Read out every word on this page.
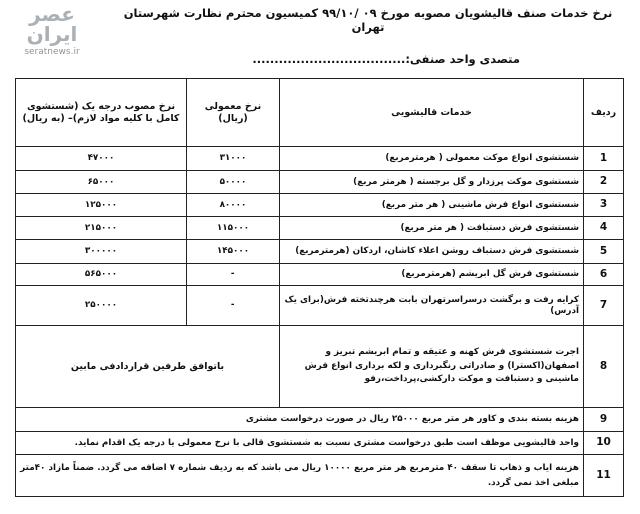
عصر ایران
seratnews.ir
نرخ خدمات صنف قالیشویان مصوبه مورخ ۰۹ /۹۹/۱۰ کمیسیون محترم نظارت شهرستان تهران
متصدی واحد صنفی:...................................
ردیف	خدمات قالیشویی	نرخ معمولی (ریال)	نرخ مصوب درجه یک (شستشوی کامل با کلیه مواد لازم)– (به ریال)
1	شستشوی انواع موکت معمولی ( هرمترمربع)	۳۱۰۰۰	۴۷۰۰۰
2	شستشوی موکت پرزدار و گل برجسته ( هرمتر مربع)	۵۰۰۰۰	۶۵۰۰۰
3	شستشوی انواع فرش ماشینی ( هر متر مربع)	۸۰۰۰۰	۱۲۵۰۰۰
4	شستشوی فرش دستبافت ( هر متر مربع)	۱۱۵۰۰۰	۲۱۵۰۰۰
5	شستشوی فرش دستباف روشن اعلاء کاشان، اردکان (هرمترمربع)	۱۴۵۰۰۰	۳۰۰۰۰۰
6	شستشوی فرش گل ابریشم (هرمترمربع)	-	۵۶۵۰۰۰
7	کرایه رفت و برگشت درسراسرتهران بابت هرچندتخته فرش(برای یک آدرس)	-	۲۵۰۰۰۰
8	اجرت شستشوی فرش کهنه و عتیقه و تمام ابریشم تبریز و اصفهان(اکسترا) و صادراتی رنگبرداری و لکه برداری انواع فرش ماشینی و دستبافت و موکت دارکشی،پرداخت،رفو	باتوافق طرفین قراردادفی مابین	
9	هزینه بسته بندی و کاور هر متر مربع ۲۵۰۰۰ ریال در صورت درخواست مشتری		
10	واحد قالیشویی موظف است طبق درخواست مشتری نسبت به شستشوی قالی با نرخ معمولی یا درجه یک اقدام نماید.		
11	هزینه ایاب و ذهاب تا سقف ۴۰ مترمربع هر متر مربع ۱۰۰۰۰ ریال می باشد که به ردیف شماره ۷ اضافه می گردد. ضمناً مازاد ۴۰متر مبلغی اخذ نمی گردد.		
